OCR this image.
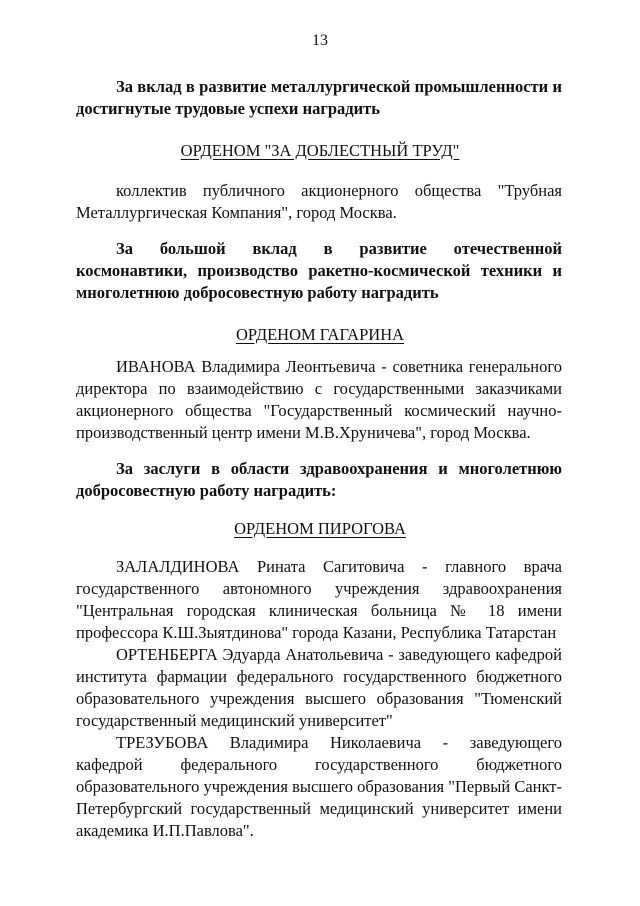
13

За вклад в развитие металлургической промышленности и достигнутые трудовые успехи наградить

ОРДЕНОМ "ЗА ДОБЛЕСТНЫЙ ТРУД"

коллектив публичного акционерного общества "Трубная Металлургическая Компания", город Москва.

За большой вклад в развитие отечественной космонавтики, производство ракетно-космической техники и многолетнюю добросовестную работу наградить

ОРДЕНОМ ГАГАРИНА

ИВАНОВА Владимира Леонтьевича - советника генерального директора по взаимодействию с государственными заказчиками акционерного общества "Государственный космический научно-производственный центр имени М.В.Хруничева", город Москва.

За заслуги в области здравоохранения и многолетнюю добросовестную работу наградить:

ОРДЕНОМ ПИРОГОВА

ЗАЛАЛДИНОВА Рината Сагитовича - главного врача государственного автономного учреждения здравоохранения "Центральная городская клиническая больница № 18 имени профессора К.Ш.Зыятдинова" города Казани, Республика Татарстан

ОРТЕНБЕРГА Эдуарда Анатольевича - заведующего кафедрой института фармации федерального государственного бюджетного образовательного учреждения высшего образования "Тюменский государственный медицинский университет"

ТРЕЗУБОВА Владимира Николаевича - заведующего кафедрой федерального государственного бюджетного образовательного учреждения высшего образования "Первый Санкт-Петербургский государственный медицинский университет имени академика И.П.Павлова".
